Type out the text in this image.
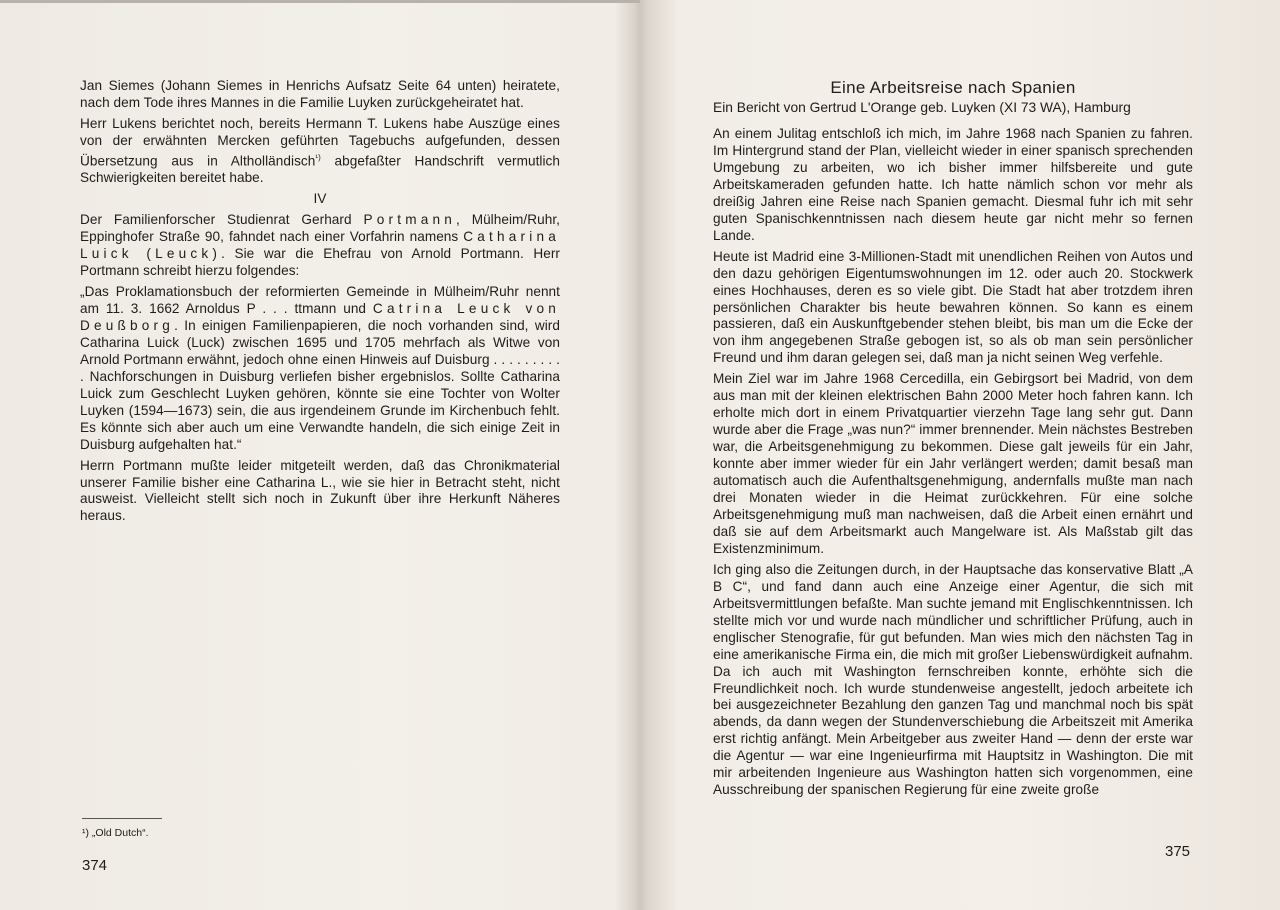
Jan Siemes (Johann Siemes in Henrichs Aufsatz Seite 64 unten) heiratete, nach dem Tode ihres Mannes in die Familie Luyken zurückgeheiratet hat.

Herr Lukens berichtet noch, bereits Hermann T. Lukens habe Auszüge eines von der erwähnten Mercken geführten Tagebuchs aufgefunden, dessen Übersetzung aus in Altholländisch$^{^1)}$ abgefaßter Handschrift vermutlich Schwierigkeiten bereitet habe.

IV

Der Familienforscher Studienrat Gerhard Portmann, Mülheim/Ruhr, Eppinghofer Straße 90, fahndet nach einer Vorfahrin namens Catharina Luick (Leuck). Sie war die Ehefrau von Arnold Portmann. Herr Portmann schreibt hierzu folgendes:

„Das Proklamationsbuch der reformierten Gemeinde in Mülheim/Ruhr nennt am 11. 3. 1662 Arnoldus P . . . ttmann und Catrina Leuck von Deußborg. In einigen Familienpapieren, die noch vorhanden sind, wird Catharina Luick (Luck) zwischen 1695 und 1705 mehrfach als Witwe von Arnold Portmann erwähnt, jedoch ohne einen Hinweis auf Duisburg . . . . . . . . . . Nachforschungen in Duisburg verliefen bisher ergebnislos. Sollte Catharina Luick zum Geschlecht Luyken gehören, könnte sie eine Tochter von Wolter Luyken (1594—1673) sein, die aus irgendeinem Grunde im Kirchenbuch fehlt. Es könnte sich aber auch um eine Verwandte handeln, die sich einige Zeit in Duisburg aufgehalten hat.“

Herrn Portmann mußte leider mitgeteilt werden, daß das Chronikmaterial unserer Familie bisher eine Catharina L., wie sie hier in Betracht steht, nicht ausweist. Vielleicht stellt sich noch in Zukunft über ihre Herkunft Näheres heraus.

¹) „Old Dutch“.
374
Eine Arbeitsreise nach Spanien
Ein Bericht von Gertrud L'Orange geb. Luyken (XI 73 WA), Hamburg

An einem Julitag entschloß ich mich, im Jahre 1968 nach Spanien zu fahren. Im Hintergrund stand der Plan, vielleicht wieder in einer spanisch sprechenden Umgebung zu arbeiten, wo ich bisher immer hilfsbereite und gute Arbeitskameraden gefunden hatte. Ich hatte nämlich schon vor mehr als dreißig Jahren eine Reise nach Spanien gemacht. Diesmal fuhr ich mit sehr guten Spanischkenntnissen nach diesem heute gar nicht mehr so fernen Lande.

Heute ist Madrid eine 3-Millionen-Stadt mit unendlichen Reihen von Autos und den dazu gehörigen Eigentumswohnungen im 12. oder auch 20. Stockwerk eines Hochhauses, deren es so viele gibt. Die Stadt hat aber trotzdem ihren persönlichen Charakter bis heute bewahren können. So kann es einem passieren, daß ein Auskunftgebender stehen bleibt, bis man um die Ecke der von ihm angegebenen Straße gebogen ist, so als ob man sein persönlicher Freund und ihm daran gelegen sei, daß man ja nicht seinen Weg verfehle.

Mein Ziel war im Jahre 1968 Cercedilla, ein Gebirgsort bei Madrid, von dem aus man mit der kleinen elektrischen Bahn 2000 Meter hoch fahren kann. Ich erholte mich dort in einem Privatquartier vierzehn Tage lang sehr gut. Dann wurde aber die Frage „was nun?“ immer brennender. Mein nächstes Bestreben war, die Arbeitsgenehmigung zu bekommen. Diese galt jeweils für ein Jahr, konnte aber immer wieder für ein Jahr verlängert werden; damit besaß man automatisch auch die Aufenthaltsgenehmigung, andernfalls mußte man nach drei Monaten wieder in die Heimat zurückkehren. Für eine solche Arbeitsgenehmigung muß man nachweisen, daß die Arbeit einen ernährt und daß sie auf dem Arbeitsmarkt auch Mangelware ist. Als Maßstab gilt das Existenzminimum.

Ich ging also die Zeitungen durch, in der Hauptsache das konservative Blatt „A B C“, und fand dann auch eine Anzeige einer Agentur, die sich mit Arbeitsvermittlungen befaßte. Man suchte jemand mit Englischkenntnissen. Ich stellte mich vor und wurde nach mündlicher und schriftlicher Prüfung, auch in englischer Stenografie, für gut befunden. Man wies mich den nächsten Tag in eine amerikanische Firma ein, die mich mit großer Liebenswürdigkeit aufnahm. Da ich auch mit Washington fernschreiben konnte, erhöhte sich die Freundlichkeit noch. Ich wurde stundenweise angestellt, jedoch arbeitete ich bei ausgezeichneter Bezahlung den ganzen Tag und manchmal noch bis spät abends, da dann wegen der Stundenverschiebung die Arbeitszeit mit Amerika erst richtig anfängt. Mein Arbeitgeber aus zweiter Hand — denn der erste war die Agentur — war eine Ingenieurfirma mit Hauptsitz in Washington. Die mit mir arbeitenden Ingenieure aus Washington hatten sich vorgenommen, eine Ausschreibung der spanischen Regierung für eine zweite große

375
